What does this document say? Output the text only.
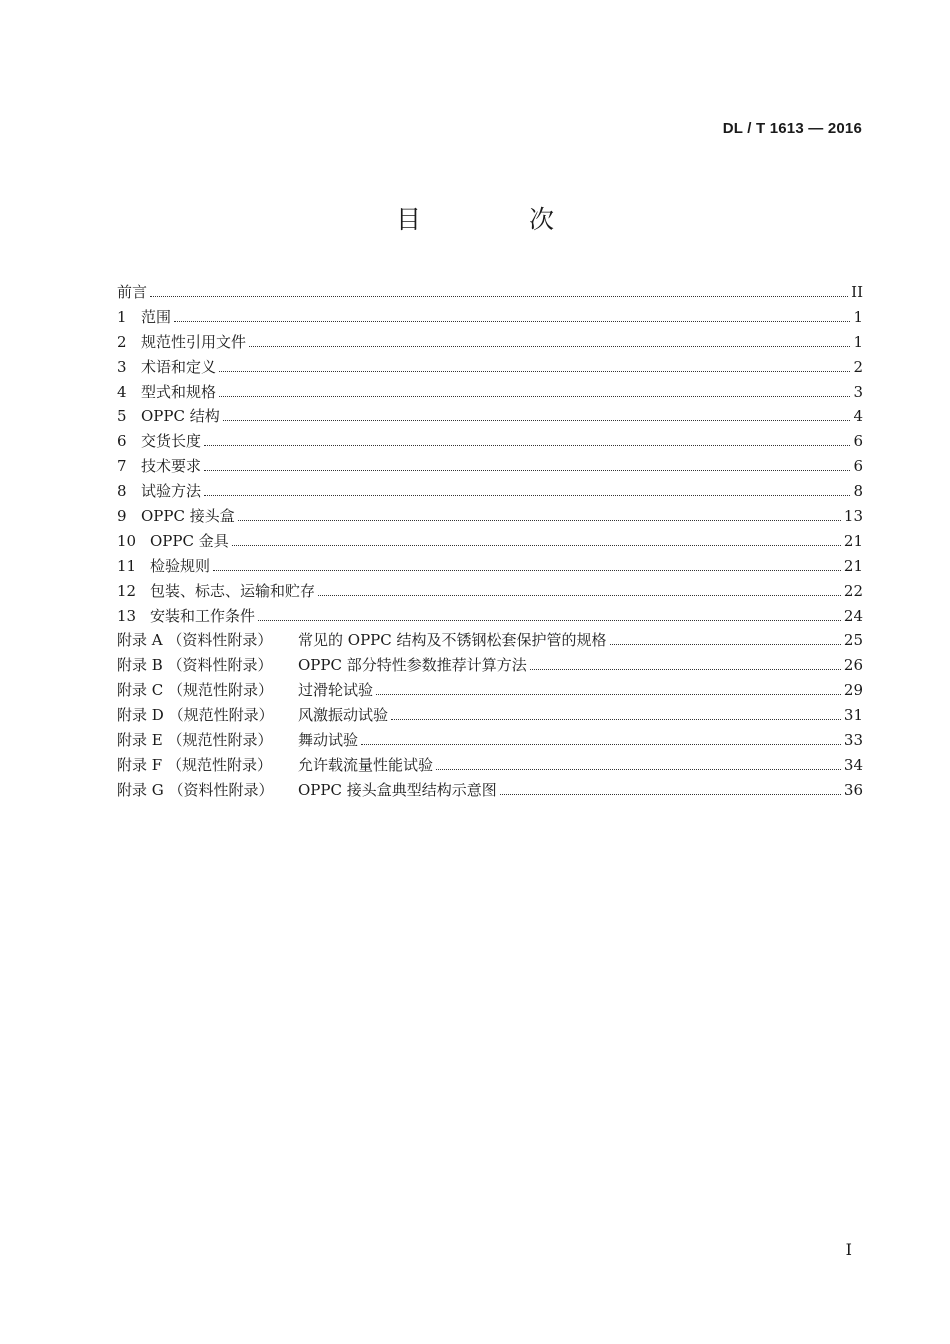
DL / T 1613 — 2016
目 次
前言	II
1 范围	1
2 规范性引用文件	1
3 术语和定义	2
4 型式和规格	3
5 OPPC 结构	4
6 交货长度	6
7 技术要求	6
8 试验方法	8
9 OPPC 接头盒	13
10 OPPC 金具	21
11 检验规则	21
12 包装、标志、运输和贮存	22
13 安装和工作条件	24
附录 A （资料性附录） 常见的 OPPC 结构及不锈钢松套保护管的规格	25
附录 B （资料性附录） OPPC 部分特性参数推荐计算方法	26
附录 C （规范性附录） 过滑轮试验	29
附录 D （规范性附录） 风激振动试验	31
附录 E （规范性附录） 舞动试验	33
附录 F （规范性附录） 允许载流量性能试验	34
附录 G （资料性附录） OPPC 接头盒典型结构示意图	36
I
